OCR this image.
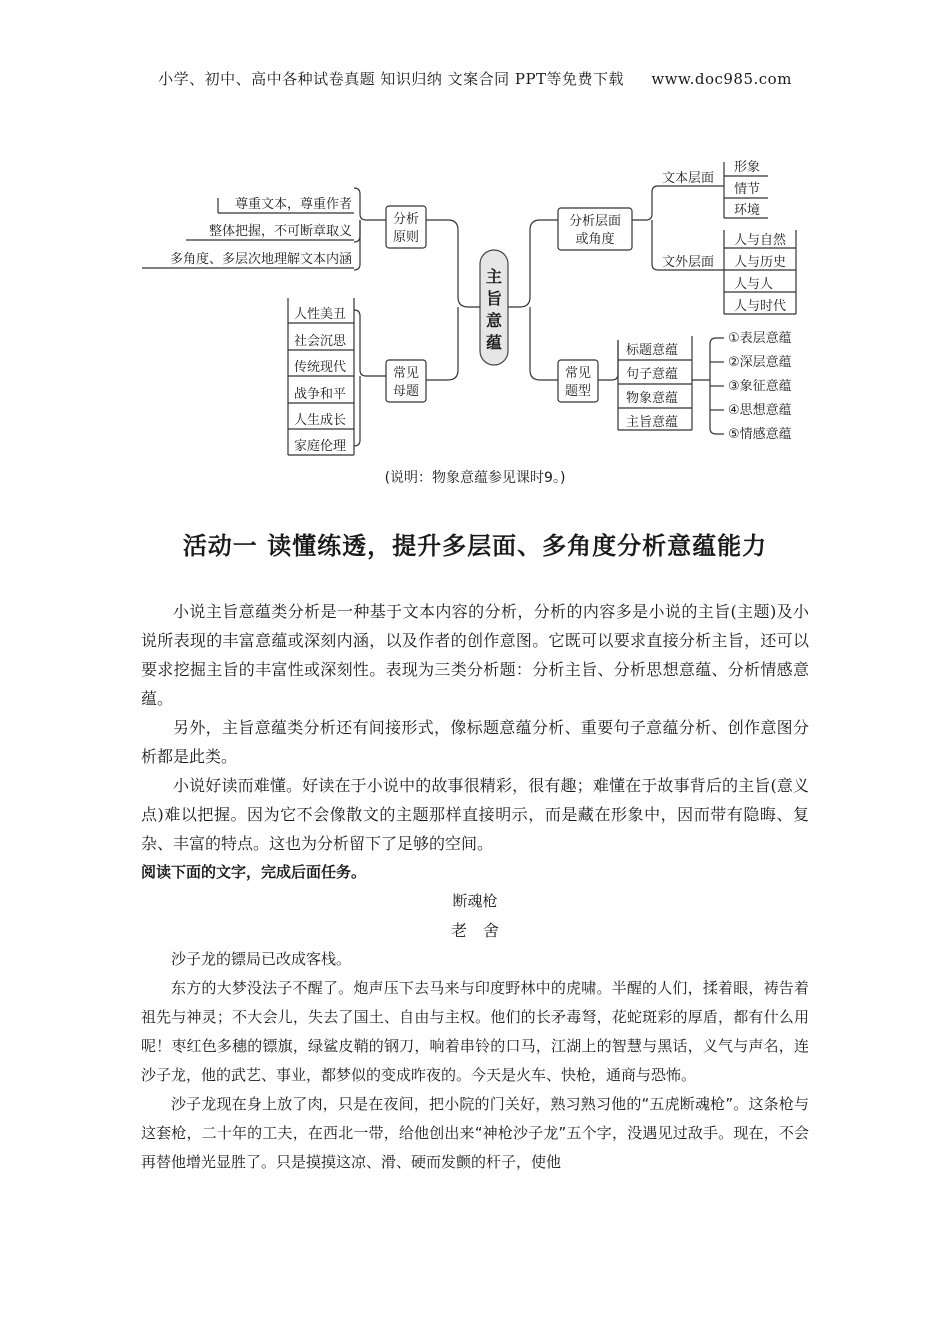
小学、初中、高中各种试卷真题 知识归纳 文案合同 PPT等免费下载 www.doc985.com
主
旨
意
蕴
分析
原则
常见
母题
分析层面
或角度
常见
题型
尊重文本，尊重作者
整体把握，不可断章取义
多角度、多层次地理解文本内涵
人性美丑
社会沉思
传统现代
战争和平
人生成长
家庭伦理
文本层面
文外层面
形象
情节
环境
人与自然
人与历史
人与人
人与时代
标题意蕴
句子意蕴
物象意蕴
主旨意蕴
①表层意蕴
②深层意蕴
③象征意蕴
④思想意蕴
⑤情感意蕴
(说明：物象意蕴参见课时9。)
活动一 读懂练透，提升多层面、多角度分析意蕴能力

小说主旨意蕴类分析是一种基于文本内容的分析，分析的内容多是小说的主旨(主题)及小说所表现的丰富意蕴或深刻内涵，以及作者的创作意图。它既可以要求直接分析主旨，还可以要求挖掘主旨的丰富性或深刻性。表现为三类分析题：分析主旨、分析思想意蕴、分析情感意蕴。

另外，主旨意蕴类分析还有间接形式，像标题意蕴分析、重要句子意蕴分析、创作意图分析都是此类。

小说好读而难懂。好读在于小说中的故事很精彩，很有趣；难懂在于故事背后的主旨(意义点)难以把握。因为它不会像散文的主题那样直接明示，而是藏在形象中，因而带有隐晦、复杂、丰富的特点。这也为分析留下了足够的空间。

阅读下面的文字，完成后面任务。

断魂枪

老　舍

沙子龙的镖局已改成客栈。

东方的大梦没法子不醒了。炮声压下去马来与印度野林中的虎啸。半醒的人们，揉着眼，祷告着祖先与神灵；不大会儿，失去了国土、自由与主权。他们的长矛毒弩，花蛇斑彩的厚盾，都有什么用呢！枣红色多穗的镖旗，绿鲨皮鞘的钢刀，响着串铃的口马，江湖上的智慧与黑话，义气与声名，连沙子龙，他的武艺、事业，都梦似的变成昨夜的。今天是火车、快枪，通商与恐怖。

沙子龙现在身上放了肉，只是在夜间，把小院的门关好，熟习熟习他的“五虎断魂枪”。这条枪与这套枪，二十年的工夫，在西北一带，给他创出来“神枪沙子龙”五个字，没遇见过敌手。现在，不会再替他增光显胜了。只是摸摸这凉、滑、硬而发颤的杆子，使他
